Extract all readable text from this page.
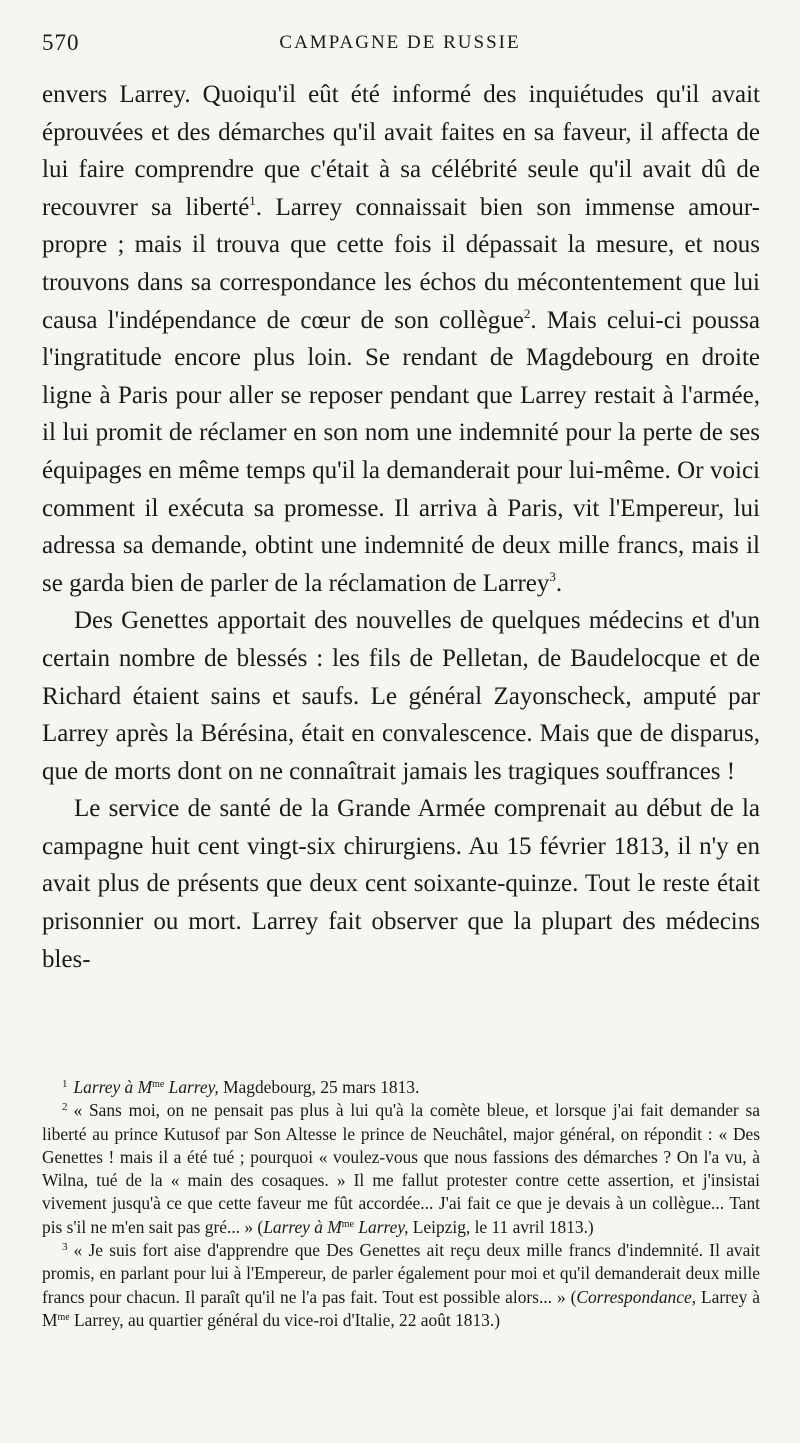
570	CAMPAGNE DE RUSSIE

envers Larrey. Quoiqu'il eût été informé des inquiétudes qu'il avait éprouvées et des démarches qu'il avait faites en sa faveur, il affecta de lui faire comprendre que c'était à sa célébrité seule qu'il avait dû de recouvrer sa liberté$^1$. Larrey connaissait bien son immense amour-propre ; mais il trouva que cette fois il dépassait la mesure, et nous trouvons dans sa correspondance les échos du mécontentement que lui causa l'indépendance de cœur de son collègue$^2$. Mais celui-ci poussa l'ingratitude encore plus loin. Se rendant de Magdebourg en droite ligne à Paris pour aller se reposer pendant que Larrey restait à l'armée, il lui promit de réclamer en son nom une indemnité pour la perte de ses équipages en même temps qu'il la demanderait pour lui-même. Or voici comment il exécuta sa promesse. Il arriva à Paris, vit l'Empereur, lui adressa sa demande, obtint une indemnité de deux mille francs, mais il se garda bien de parler de la réclamation de Larrey$^3$.

Des Genettes apportait des nouvelles de quelques médecins et d'un certain nombre de blessés : les fils de Pelletan, de Baudelocque et de Richard étaient sains et saufs. Le général Zayonscheck, amputé par Larrey après la Bérésina, était en convalescence. Mais que de disparus, que de morts dont on ne connaîtrait jamais les tragiques souffrances !

Le service de santé de la Grande Armée comprenait au début de la campagne huit cent vingt-six chirurgiens. Au 15 février 1813, il n'y en avait plus de présents que deux cent soixante-quinze. Tout le reste était prisonnier ou mort. Larrey fait observer que la plupart des médecins bles-

$^1$ Larrey à $M^{me}$ Larrey, Magdebourg, 25 mars 1813.

$^2$ « Sans moi, on ne pensait pas plus à lui qu'à la comète bleue, et lorsque j'ai fait demander sa liberté au prince Kutusof par Son Altesse le prince de Neuchâtel, major général, on répondit : « Des Genettes ! mais il a été tué ; pourquoi « voulez-vous que nous fassions des démarches ? On l'a vu, à Wilna, tué de la « main des cosaques. » Il me fallut protester contre cette assertion, et j'insistai vivement jusqu'à ce que cette faveur me fût accordée... J'ai fait ce que je devais à un collègue... Tant pis s'il ne m'en sait pas gré... » (Larrey à $M^{me}$ Larrey, Leipzig, le 11 avril 1813.)

$^3$ « Je suis fort aise d'apprendre que Des Genettes ait reçu deux mille francs d'indemnité. Il avait promis, en parlant pour lui à l'Empereur, de parler également pour moi et qu'il demanderait deux mille francs pour chacun. Il paraît qu'il ne l'a pas fait. Tout est possible alors... » (Correspondance, Larrey à $M^{me}$ Larrey, au quartier général du vice-roi d'Italie, 22 août 1813.)
